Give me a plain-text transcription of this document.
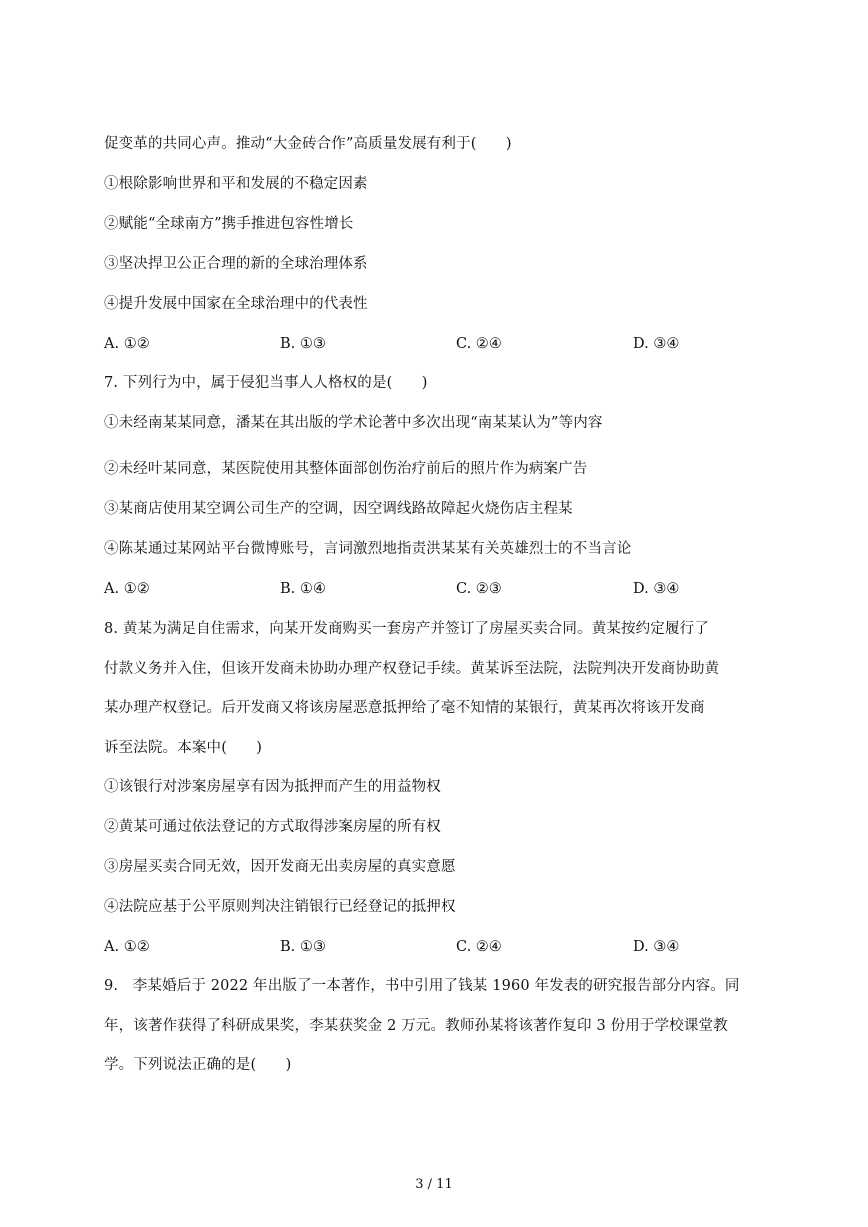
促变革的共同心声。推动“大金砖合作”高质量发展有利于(　　)
①根除影响世界和平和发展的不稳定因素
②赋能“全球南方”携手推进包容性增长
③坚决捍卫公正合理的新的全球治理体系
④提升发展中国家在全球治理中的代表性
A. ①②	B. ①③	C. ②④	D. ③④
7. 下列行为中，属于侵犯当事人人格权的是(　　)
①未经南某某同意，潘某在其出版的学术论著中多次出现“南某某认为”等内容
②未经叶某同意，某医院使用其整体面部创伤治疗前后的照片作为病案广告
③某商店使用某空调公司生产的空调，因空调线路故障起火烧伤店主程某
④陈某通过某网站平台微博账号，言词激烈地指责洪某某有关英雄烈士的不当言论
A. ①②	B. ①④	C. ②③	D. ③④
8. 黄某为满足自住需求，向某开发商购买一套房产并签订了房屋买卖合同。黄某按约定履行了
付款义务并入住，但该开发商未协助办理产权登记手续。黄某诉至法院，法院判决开发商协助黄
某办理产权登记。后开发商又将该房屋恶意抵押给了毫不知情的某银行，黄某再次将该开发商
诉至法院。本案中(　　)
①该银行对涉案房屋享有因为抵押而产生的用益物权
②黄某可通过依法登记的方式取得涉案房屋的所有权
③房屋买卖合同无效，因开发商无出卖房屋的真实意愿
④法院应基于公平原则判决注销银行已经登记的抵押权
A. ①②	B. ①③	C. ②④	D. ③④
9.　李某婚后于 2022 年出版了一本著作，书中引用了钱某 1960 年发表的研究报告部分内容。同
年，该著作获得了科研成果奖，李某获奖金 2 万元。教师孙某将该著作复印 3 份用于学校课堂教
学。下列说法正确的是(　　)
3 / 11
